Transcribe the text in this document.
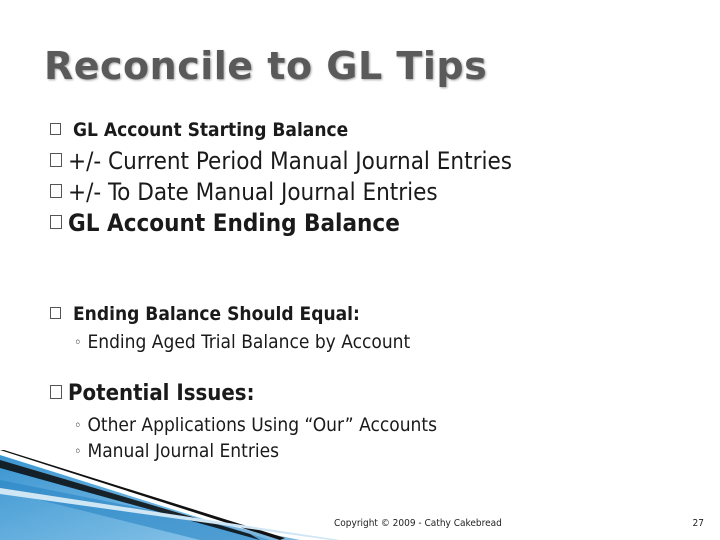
Reconcile to GL Tips
GL Account Starting Balance
+/- Current Period Manual Journal Entries
+/- To Date Manual Journal Entries
GL Account Ending Balance
Ending Balance Should Equal:
◦ Ending Aged Trial Balance by Account
Potential Issues:
◦ Other Applications Using “Our” Accounts
◦ Manual Journal Entries
Copyright © 2009 - Cathy Cakebread	27
